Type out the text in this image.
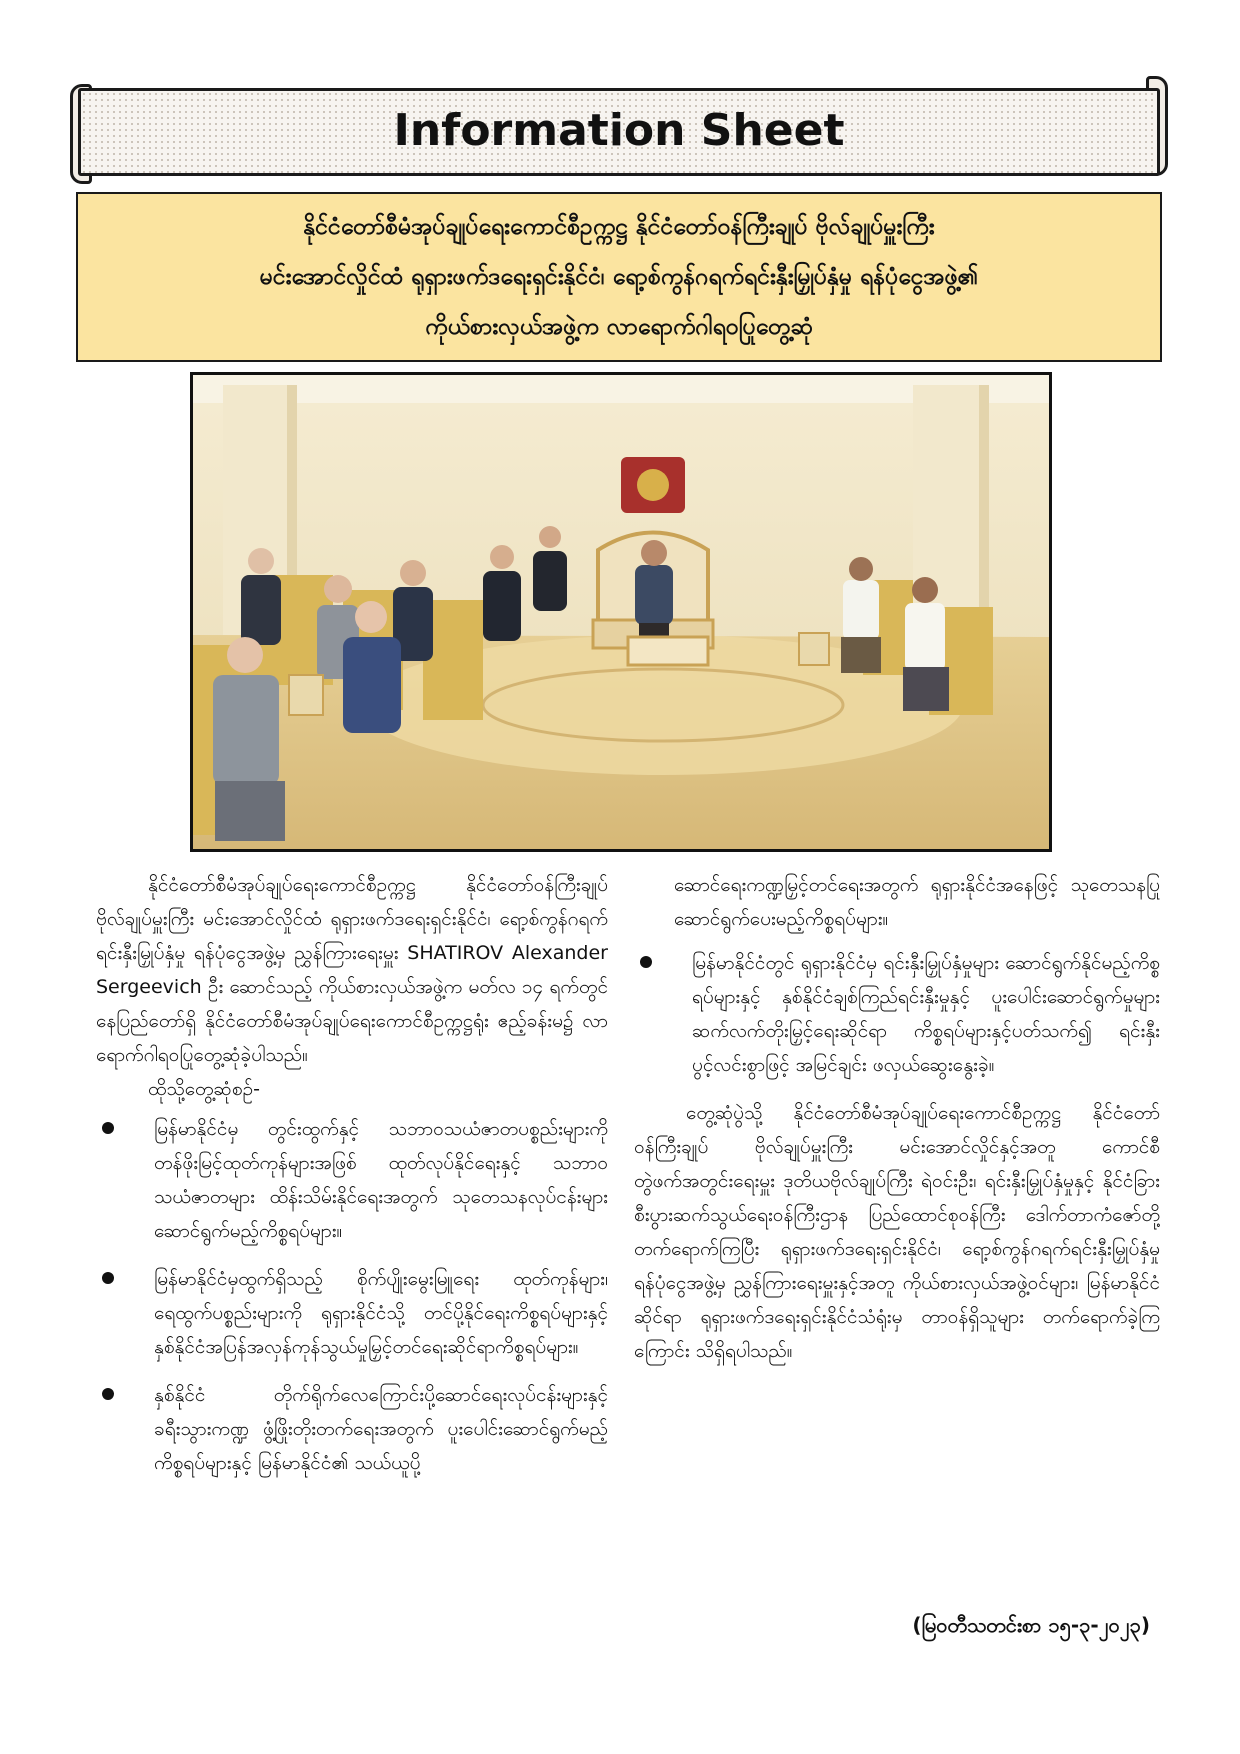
Information Sheet
နိုင်ငံတော်စီမံအုပ်ချုပ်ရေးကောင်စီဥက္ကဋ္ဌ နိုင်ငံတော်ဝန်ကြီးချုပ် ဗိုလ်ချုပ်မှူးကြီး
မင်းအောင်လှိုင်ထံ ရုရှားဖက်ဒရေးရှင်းနိုင်ငံ၊ ရော့စ်ကွန်ဂရက်ရင်းနှီးမြှုပ်နှံမှု ရန်ပုံငွေအဖွဲ့၏
ကိုယ်စားလှယ်အဖွဲ့က လာရောက်ဂါရဝပြုတွေ့ဆုံ

နိုင်ငံတော်စီမံအုပ်ချုပ်ရေးကောင်စီဥက္ကဋ္ဌ နိုင်ငံတော်ဝန်ကြီးချုပ် ဗိုလ်ချုပ်မှူးကြီး မင်းအောင်လှိုင်ထံ ရုရှားဖက်ဒရေးရှင်းနိုင်ငံ၊ ရော့စ်ကွန်ဂရက်ရင်းနှီးမြှုပ်နှံမှု ရန်ပုံငွေအဖွဲ့မှ ညွှန်ကြားရေးမှူး SHATIROV Alexander Sergeevich ဦး ဆောင်သည့် ကိုယ်စားလှယ်အဖွဲ့က မတ်လ ၁၄ ရက်တွင် နေပြည်တော်ရှိ နိုင်ငံတော်စီမံအုပ်ချုပ်ရေးကောင်စီဥက္ကဋ္ဌရုံး ဧည့်ခန်းမ၌ လာရောက်ဂါရဝပြုတွေ့ဆုံခဲ့ပါသည်။

ထိုသို့တွေ့ဆုံစဉ်-

မြန်မာနိုင်ငံမှ တွင်းထွက်နှင့် သဘာဝသယံဇာတပစ္စည်းများကို တန်ဖိုးမြင့်ထုတ်ကုန်များအဖြစ် ထုတ်လုပ်နိုင်ရေးနှင့် သဘာဝသယံဇာတများ ထိန်းသိမ်းနိုင်ရေးအတွက် သုတေသနလုပ်ငန်းများ ဆောင်ရွက်မည့်ကိစ္စရပ်များ။
မြန်မာနိုင်ငံမှထွက်ရှိသည့် စိုက်ပျိုးမွေးမြူရေး ထုတ်ကုန်များ၊ ရေထွက်ပစ္စည်းများကို ရုရှားနိုင်ငံသို့ တင်ပို့နိုင်ရေးကိစ္စရပ်များနှင့် နှစ်နိုင်ငံအပြန်အလှန်ကုန်သွယ်မှုမြှင့်တင်ရေးဆိုင်ရာကိစ္စရပ်များ။
နှစ်နိုင်ငံ တိုက်ရိုက်လေကြောင်းပို့ဆောင်ရေးလုပ်ငန်းများနှင့် ခရီးသွားကဏ္ဍ ဖွံ့ဖြိုးတိုးတက်ရေးအတွက် ပူးပေါင်းဆောင်ရွက်မည့်ကိစ္စရပ်များနှင့် မြန်မာနိုင်ငံ၏ သယ်ယူပို့

ဆောင်ရေးကဏ္ဍမြှင့်တင်ရေးအတွက် ရုရှားနိုင်ငံအနေဖြင့် သုတေသနပြု ဆောင်ရွက်ပေးမည့်ကိစ္စရပ်များ။

မြန်မာနိုင်ငံတွင် ရုရှားနိုင်ငံမှ ရင်းနှီးမြှုပ်နှံမှုများ ဆောင်ရွက်နိုင်မည့်ကိစ္စရပ်များနှင့် နှစ်နိုင်ငံချစ်ကြည်ရင်းနှီးမှုနှင့် ပူးပေါင်းဆောင်ရွက်မှုများ ဆက်လက်တိုးမြှင့်ရေးဆိုင်ရာ ကိစ္စရပ်များနှင့်ပတ်သက်၍ ရင်းနှီးပွင့်လင်းစွာဖြင့် အမြင်ချင်း ဖလှယ်ဆွေးနွေးခဲ့။

တွေ့ဆုံပွဲသို့ နိုင်ငံတော်စီမံအုပ်ချုပ်ရေးကောင်စီဥက္ကဋ္ဌ နိုင်ငံတော်ဝန်ကြီးချုပ် ဗိုလ်ချုပ်မှူးကြီး မင်းအောင်လှိုင်နှင့်အတူ ကောင်စီတွဲဖက်အတွင်းရေးမှူး ဒုတိယဗိုလ်ချုပ်ကြီး ရဲဝင်းဦး၊ ရင်းနှီးမြှုပ်နှံမှုနှင့် နိုင်ငံခြားစီးပွားဆက်သွယ်ရေးဝန်ကြီးဌာန ပြည်ထောင်စုဝန်ကြီး ဒေါက်တာကံဇော်တို့ တက်ရောက်ကြပြီး ရုရှားဖက်ဒရေးရှင်းနိုင်ငံ၊ ရော့စ်ကွန်ဂရက်ရင်းနှီးမြှုပ်နှံမှု ရန်ပုံငွေအဖွဲ့မှ ညွှန်ကြားရေးမှူးနှင့်အတူ ကိုယ်စားလှယ်အဖွဲ့ဝင်များ၊ မြန်မာနိုင်ငံဆိုင်ရာ ရုရှားဖက်ဒရေးရှင်းနိုင်ငံသံရုံးမှ တာဝန်ရှိသူများ တက်ရောက်ခဲ့ကြကြောင်း သိရှိရပါသည်။

(မြဝတီသတင်းစာ ၁၅-၃-၂၀၂၃)
